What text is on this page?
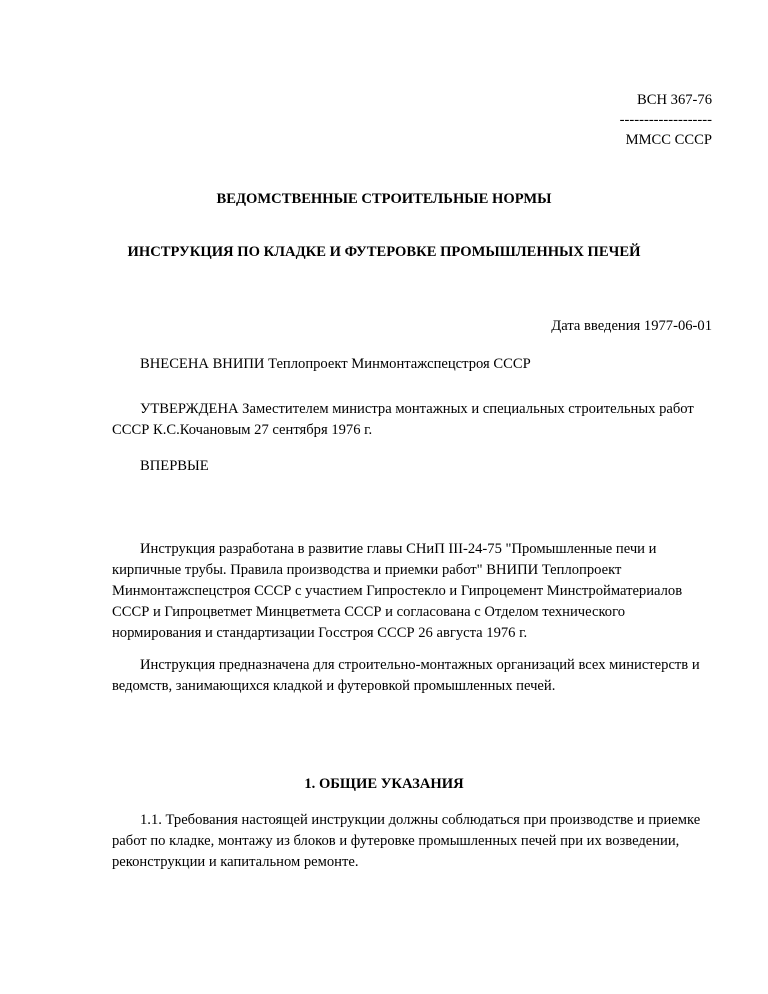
ВСН 367-76
-------------------
ММСС СССР
ВЕДОМСТВЕННЫЕ СТРОИТЕЛЬНЫЕ НОРМЫ
ИНСТРУКЦИЯ ПО КЛАДКЕ И ФУТЕРОВКЕ ПРОМЫШЛЕННЫХ ПЕЧЕЙ
Дата введения 1977-06-01

ВНЕСЕНА ВНИПИ Теплопроект Минмонтажспецстроя СССР

УТВЕРЖДЕНА Заместителем министра монтажных и специальных строительных работ СССР К.С.Кочановым 27 сентября 1976 г.

ВПЕРВЫЕ

Инструкция разработана в развитие главы СНиП III-24-75 "Промышленные печи и кирпичные трубы. Правила производства и приемки работ" ВНИПИ Теплопроект Минмонтажспецстроя СССР с участием Гипростекло и Гипроцемент Минстройматериалов СССР и Гипроцветмет Минцветмета СССР и согласована с Отделом технического нормирования и стандартизации Госстроя СССР 26 августа 1976 г.

Инструкция предназначена для строительно-монтажных организаций всех министерств и ведомств, занимающихся кладкой и футеровкой промышленных печей.

1. ОБЩИЕ УКАЗАНИЯ

1.1. Требования настоящей инструкции должны соблюдаться при производстве и приемке работ по кладке, монтажу из блоков и футеровке промышленных печей при их возведении, реконструкции и капитальном ремонте.
